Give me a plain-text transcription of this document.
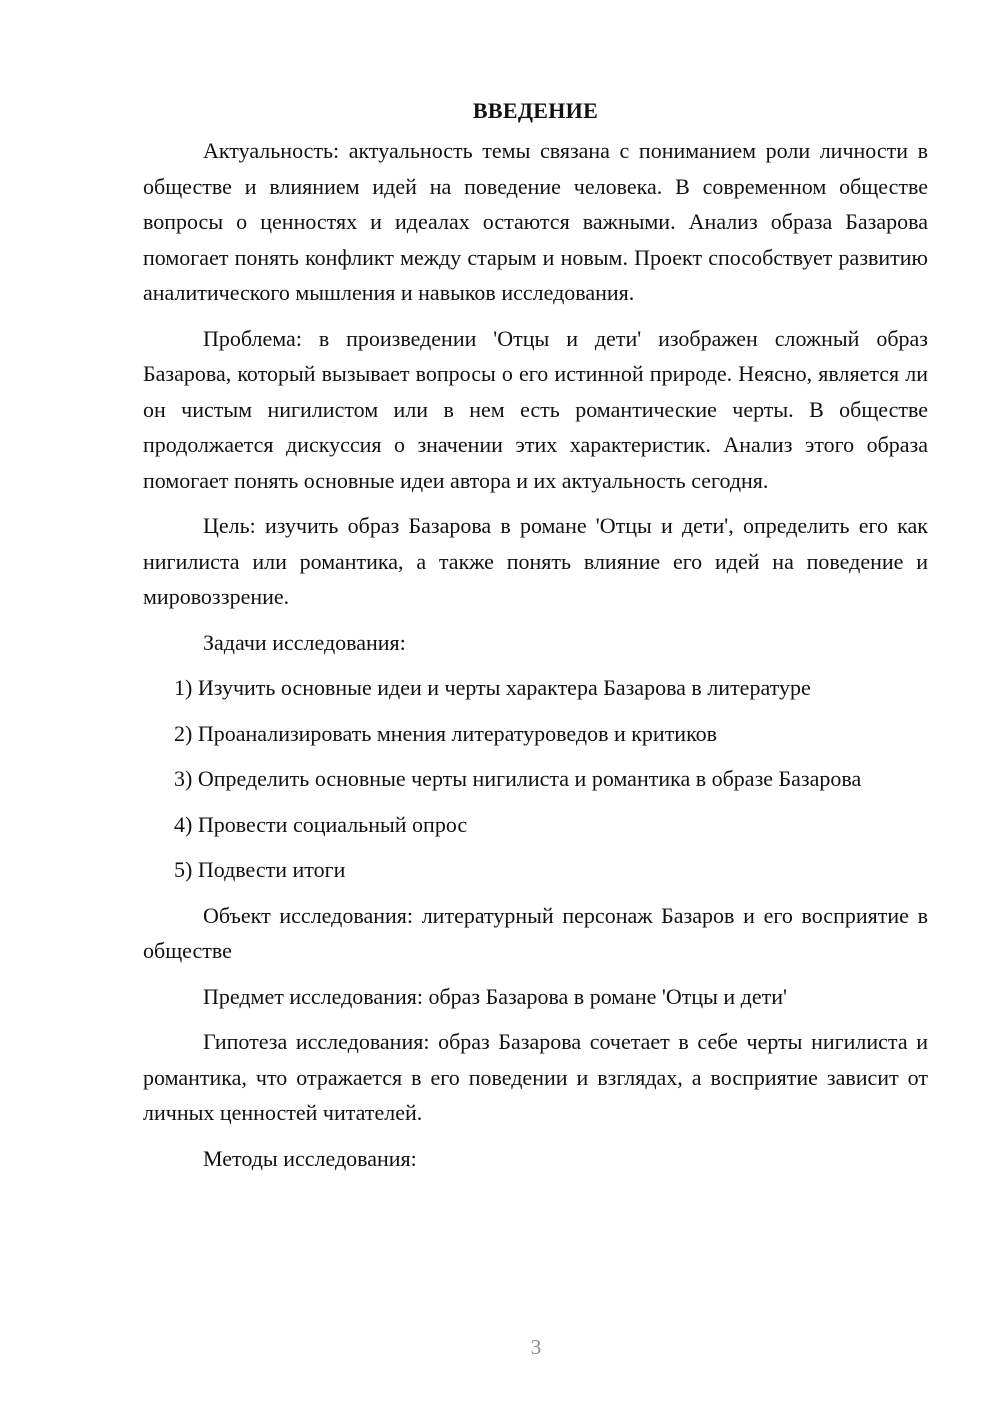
ВВЕДЕНИЕ

Актуальность: актуальность темы связана с пониманием роли личности в обществе и влиянием идей на поведение человека. В современном обществе вопросы о ценностях и идеалах остаются важными. Анализ образа Базарова помогает понять конфликт между старым и новым. Проект способствует развитию аналитического мышления и навыков исследования.

Проблема: в произведении 'Отцы и дети' изображен сложный образ Базарова, который вызывает вопросы о его истинной природе. Неясно, является ли он чистым нигилистом или в нем есть романтические черты. В обществе продолжается дискуссия о значении этих характеристик. Анализ этого образа помогает понять основные идеи автора и их актуальность сегодня.

Цель: изучить образ Базарова в романе 'Отцы и дети', определить его как нигилиста или романтика, а также понять влияние его идей на поведение и мировоззрение.

Задачи исследования:

1) Изучить основные идеи и черты характера Базарова в литературе

2) Проанализировать мнения литературоведов и критиков

3) Определить основные черты нигилиста и романтика в образе Базарова

4) Провести социальный опрос

5) Подвести итоги

Объект исследования: литературный персонаж Базаров и его восприятие в обществе

Предмет исследования: образ Базарова в романе 'Отцы и дети'

Гипотеза исследования: образ Базарова сочетает в себе черты нигилиста и романтика, что отражается в его поведении и взглядах, а восприятие зависит от личных ценностей читателей.

Методы исследования:

3
